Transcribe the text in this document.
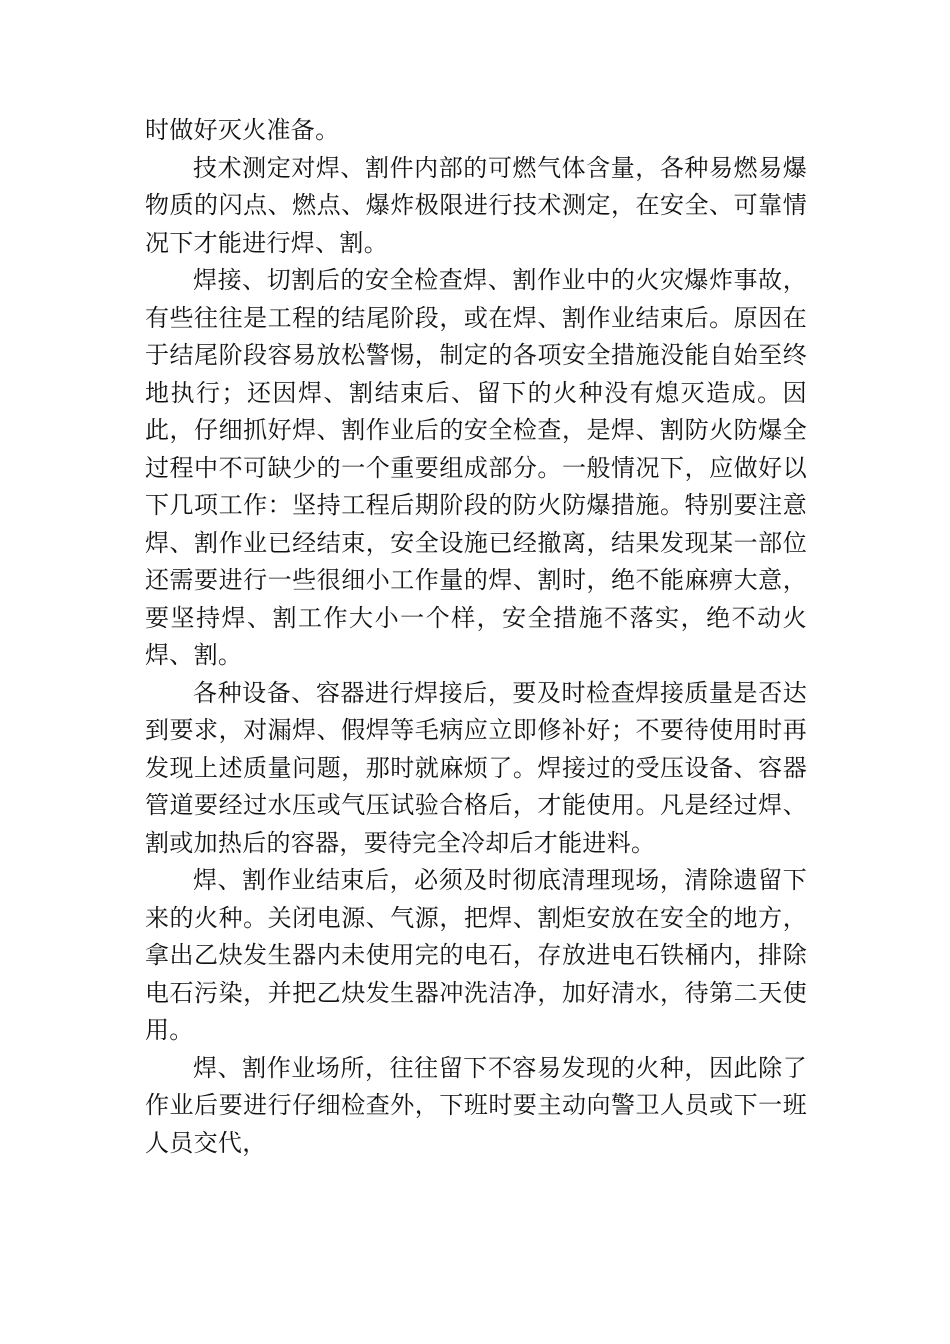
时做好灭火准备。

技术测定对焊、割件内部的可燃气体含量，各种易燃易爆物质的闪点、燃点、爆炸极限进行技术测定，在安全、可靠情况下才能进行焊、割。

焊接、切割后的安全检查焊、割作业中的火灾爆炸事故，有些往往是工程的结尾阶段，或在焊、割作业结束后。原因在于结尾阶段容易放松警惕，制定的各项安全措施没能自始至终地执行；还因焊、割结束后、留下的火种没有熄灭造成。因此，仔细抓好焊、割作业后的安全检查，是焊、割防火防爆全过程中不可缺少的一个重要组成部分。一般情况下，应做好以下几项工作：坚持工程后期阶段的防火防爆措施。特别要注意焊、割作业已经结束，安全设施已经撤离，结果发现某一部位还需要进行一些很细小工作量的焊、割时，绝不能麻痹大意，要坚持焊、割工作大小一个样，安全措施不落实，绝不动火焊、割。

各种设备、容器进行焊接后，要及时检查焊接质量是否达到要求，对漏焊、假焊等毛病应立即修补好；不要待使用时再发现上述质量问题，那时就麻烦了。焊接过的受压设备、容器管道要经过水压或气压试验合格后，才能使用。凡是经过焊、割或加热后的容器，要待完全冷却后才能进料。

焊、割作业结束后，必须及时彻底清理现场，清除遗留下来的火种。关闭电源、气源，把焊、割炬安放在安全的地方，拿出乙炔发生器内未使用完的电石，存放进电石铁桶内，排除电石污染，并把乙炔发生器冲洗洁净，加好清水，待第二天使用。

焊、割作业场所，往往留下不容易发现的火种，因此除了作业后要进行仔细检查外，下班时要主动向警卫人员或下一班人员交代，
